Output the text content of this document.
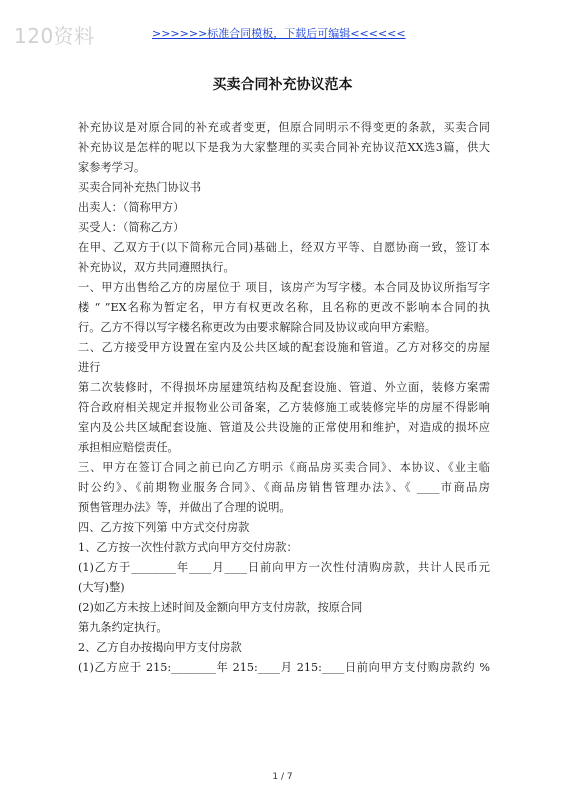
120资料	>>>>>>标准合同模板，下载后可编辑<<<<<<
买卖合同补充协议范本
补充协议是对原合同的补充或者变更，但原合同明示不得变更的条款，买卖合同
补充协议是怎样的呢以下是我为大家整理的买卖合同补充协议范XX选3篇，供大
家参考学习。
买卖合同补充热门协议书
出卖人：（简称甲方）
买受人：（简称乙方）
在甲、乙双方于(以下简称元合同)基础上，经双方平等、自愿协商一致，签订本
补充协议，双方共同遵照执行。
一、甲方出售给乙方的房屋位于 项目，该房产为写字楼。本合同及协议所指写字
楼 “ ”EX名称为暂定名，甲方有权更改名称，且名称的更改不影响本合同的执
行。乙方不得以写字楼名称更改为由要求解除合同及协议或向甲方索赔。
二、乙方接受甲方设置在室内及公共区域的配套设施和管道。乙方对移交的房屋
进行
第二次装修时，不得损坏房屋建筑结构及配套设施、管道、外立面，装修方案需
符合政府相关规定并报物业公司备案，乙方装修施工或装修完毕的房屋不得影响
室内及公共区域配套设施、管道及公共设施的正常使用和维护，对造成的损坏应
承担相应赔偿责任。
三、甲方在签订合同之前已向乙方明示《商品房买卖合同》、本协议、《业主临
时公约》、《前期物业服务合同》、《商品房销售管理办法》、《 ____市商品房
预售管理办法》等，并做出了合理的说明。
四、乙方按下列第 中方式交付房款
1、乙方按一次性付款方式向甲方交付房款：
(1)乙方于________年____月____日前向甲方一次性付清购房款，共计人民币元
(大写)整)
(2)如乙方未按上述时间及金额向甲方支付房款，按原合同
第九条约定执行。
2、乙方自办按揭向甲方支付房款
(1)乙方应于 215:________年 215:____月 215:____日前向甲方支付购房款约 %
1 / 7
